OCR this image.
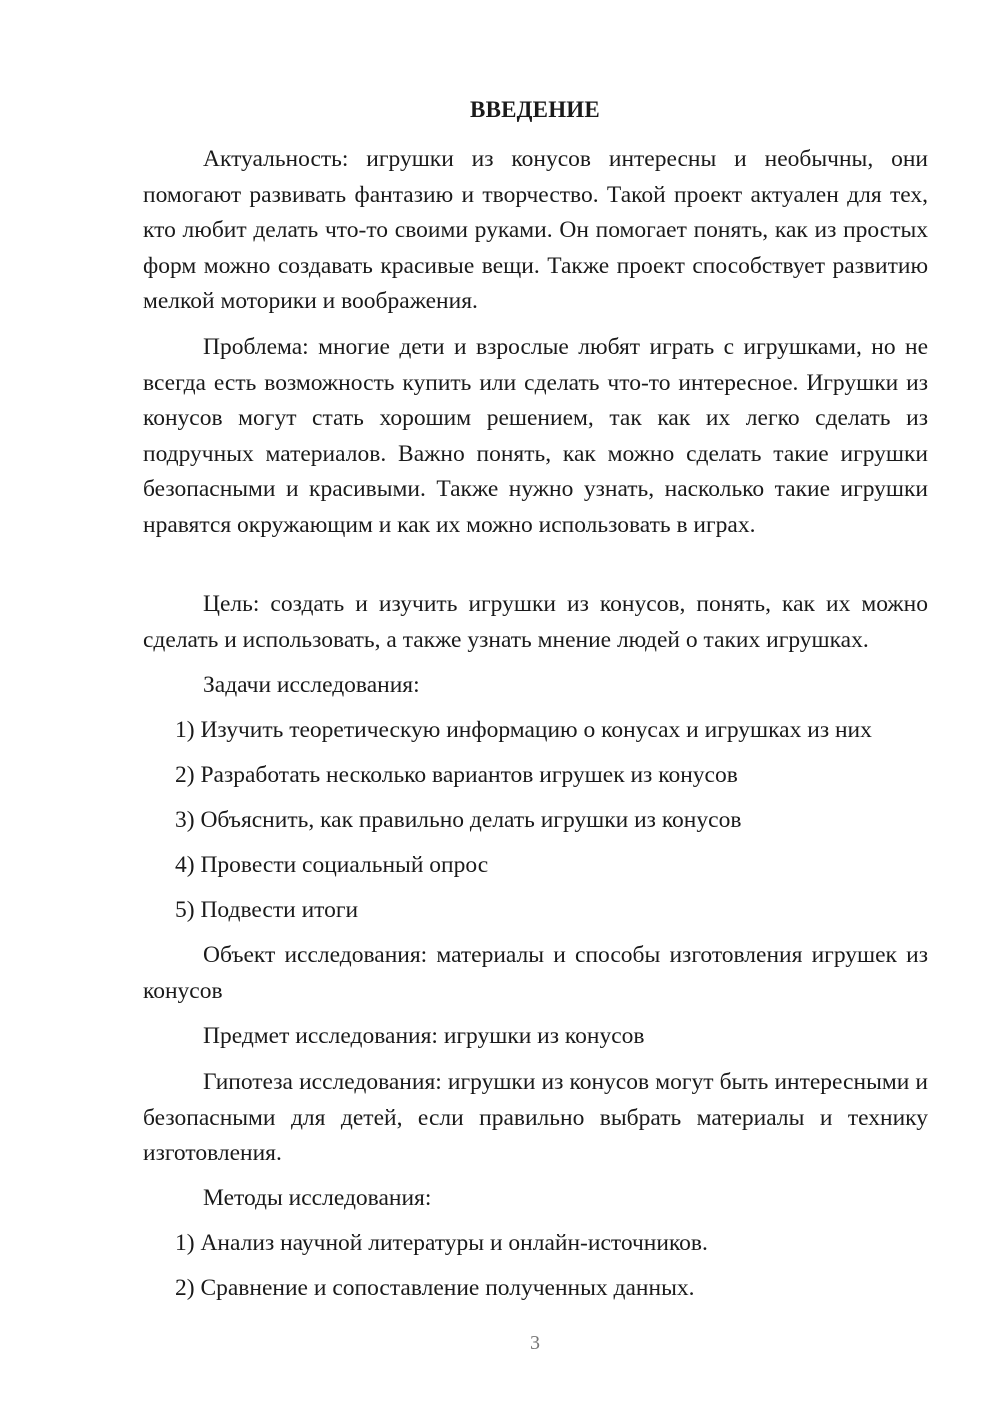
ВВЕДЕНИЕ

Актуальность: игрушки из конусов интересны и необычны, они помогают развивать фантазию и творчество. Такой проект актуален для тех, кто любит делать что-то своими руками. Он помогает понять, как из простых форм можно создавать красивые вещи. Также проект способствует развитию мелкой моторики и воображения.

Проблема: многие дети и взрослые любят играть с игрушками, но не всегда есть возможность купить или сделать что-то интересное. Игрушки из конусов могут стать хорошим решением, так как их легко сделать из подручных материалов. Важно понять, как можно сделать такие игрушки безопасными и красивыми. Также нужно узнать, насколько такие игрушки нравятся окружающим и как их можно использовать в играх.

Цель: создать и изучить игрушки из конусов, понять, как их можно сделать и использовать, а также узнать мнение людей о таких игрушках.

Задачи исследования:

1) Изучить теоретическую информацию о конусах и игрушках из них

2) Разработать несколько вариантов игрушек из конусов

3) Объяснить, как правильно делать игрушки из конусов

4) Провести социальный опрос

5) Подвести итоги

Объект исследования: материалы и способы изготовления игрушек из конусов

Предмет исследования: игрушки из конусов

Гипотеза исследования: игрушки из конусов могут быть интересными и безопасными для детей, если правильно выбрать материалы и технику изготовления.

Методы исследования:

1) Анализ научной литературы и онлайн-источников.

2) Сравнение и сопоставление полученных данных.

3
